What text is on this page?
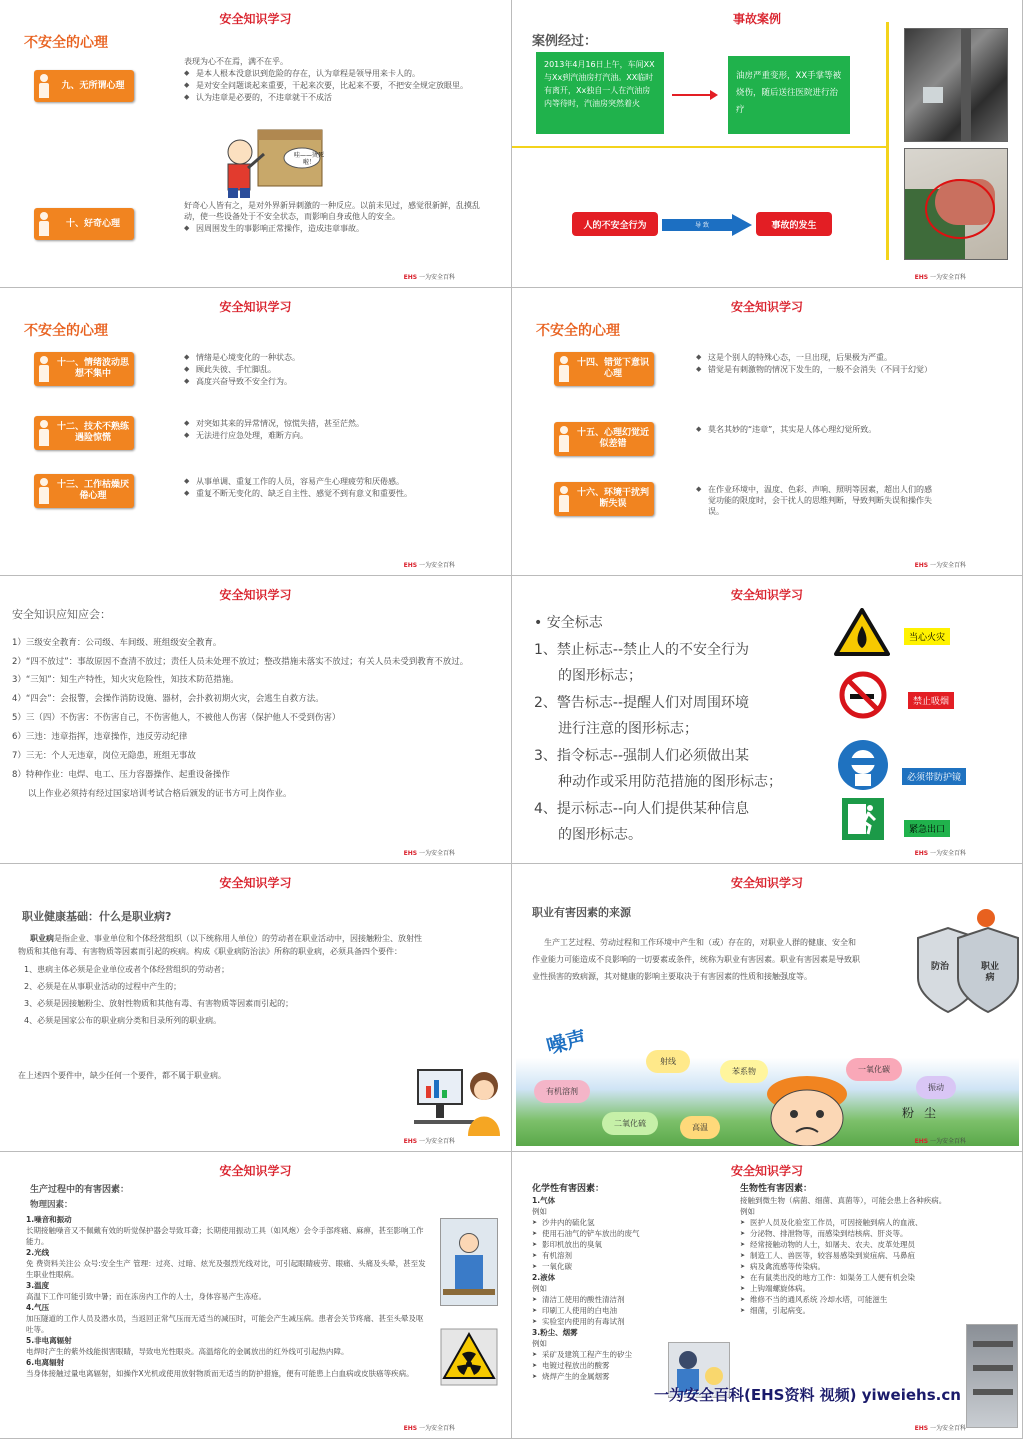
安全知识学习
不安全的心理
九、无所谓心理
十、好奇心理

表现为心不在焉，满不在乎。

◆ 是本人根本没意识到危险的存在，认为章程是领导用来卡人的。

◆ 是对安全问题谈起来重要，干起来次要，比起来不要，不把安全规定放眼里。

◆ 认为违章是必要的，不违章就干不成活

哇——烫死啦！

好奇心人皆有之，是对外界新异刺激的一种反应。以前未见过，感觉很新鲜，乱摸乱动，使一些设备处于不安全状态，而影响自身或他人的安全。

◆ 因周围发生的事影响正常操作，造成违章事故。

EHS 一为安全百科
事故案例
案例经过：
2013年4月16日上午，车间XX与Xx到汽油房打汽油。XX临时有离开，Xx独自一人在汽油房内等待时，汽油房突然着火
油房严重变形，XX手掌等被烧伤，随后送往医院进行治疗
人的不安全行为	导 致	事故的发生
EHS 一为安全百科
安全知识学习
不安全的心理
十一、情绪波动思想不集中
十二、技术不熟练遇险惊慌
十三、工作枯燥厌倦心理

◆ 情绪是心境变化的一种状态。

◆ 顾此失彼、手忙脚乱。

◆ 高度兴奋导致不安全行为。

◆ 对突如其来的异常情况，惊慌失措，甚至茫然。

◆ 无法进行应急处理，难断方向。

◆ 从事单调、重复工作的人员，容易产生心理疲劳和厌倦感。

◆ 重复不断无变化的、缺乏自主性、感觉不到有意义和重要性。

EHS 一为安全百科
安全知识学习
不安全的心理
十四、错觉下意识心理
十五、心理幻觉近似差错
十六、环境干扰判断失误

◆ 这是个别人的特殊心态，一旦出现，后果极为严重。

◆ 错觉是有刺激物的情况下发生的，一般不会消失（不同于幻觉）

◆ 莫名其妙的“违章”，其实是人体心理幻觉所致。

◆ 在作业环境中，温度、色彩、声响、照明等因素，超出人们的感觉功能的限度时，会干扰人的思维判断，导致判断失误和操作失误。

EHS 一为安全百科
安全知识学习
安全知识应知应会：

1）三级安全教育：公司级、车间级、班组级安全教育。

2）“四不放过”：事故原因不查清不放过；责任人员未处理不放过；整改措施未落实不放过；有关人员未受到教育不放过。

3）“三知”：知生产特性，知火灾危险性，知技术防范措施。

4）“四会”：会报警，会操作消防设施、器材，会扑救初期火灾，会逃生自救方法。

5）三（四）不伤害：不伤害自己，不伤害他人，不被他人伤害（保护他人不受到伤害）

6）三违：违章指挥，违章操作，违反劳动纪律

7）三无：个人无违章，岗位无隐患，班组无事故

8）特种作业：电焊、电工、压力容器操作、起重设备操作

以上作业必须持有经过国家培训考试合格后颁发的证书方可上岗作业。

EHS 一为安全百科
安全知识学习

• 安全标志

1、禁止标志--禁止人的不安全行为

的图形标志；

2、警告标志--提醒人们对周围环境

进行注意的图形标志；

3、指令标志--强制人们必须做出某

种动作或采用防范措施的图形标志；

4、提示标志--向人们提供某种信息

的图形标志。

当心火灾
禁止吸烟
必须带防护镜
紧急出口
EHS 一为安全百科
安全知识学习
职业健康基础：什么是职业病?

职业病是指企业、事业单位和个体经营组织（以下统称用人单位）的劳动者在职业活动中，因接触粉尘、放射性物质和其他有毒、有害物质等因素而引起的疾病。构成《职业病防治法》所称的职业病，必须具备四个要件：

1、患病主体必须是企业单位或者个体经营组织的劳动者；

2、必须是在从事职业活动的过程中产生的；

3、必须是因接触粉尘、放射性物质和其他有毒、有害物质等因素而引起的；

4、必须是国家公布的职业病分类和目录所列的职业病。

在上述四个要件中，缺少任何一个要件，都不属于职业病。
EHS 一为安全百科
安全知识学习
职业有害因素的来源
生产工艺过程、劳动过程和工作环境中产生和（或）存在的，对职业人群的健康、安全和作业能力可能造成不良影响的一切要素或条件，统称为职业有害因素。职业有害因素是导致职业性损害的致病源，其对健康的影响主要取决于有害因素的性质和接触强度等。
防治	职业病
噪声
有机溶剂
射线
苯系物
粉尘
一氧化碳
二氧化硫	高温
振动
EHS 一为安全百科
安全知识学习
生产过程中的有害因素：
物理因素：

1.噪音和振动

长期接触噪音又不佩戴有效的听觉保护器会导致耳聋；长期使用振动工具（如风炮）会令手部疼痛、麻痹，甚至影响工作能力。

2.光线

免 费资料关注公 众号:安全生产 管理：过亮、过暗、炫光及强烈光线对比，可引起眼睛疲劳、眼痛、头痛及头晕，甚至发生职业性眼病。

3.温度

高温下工作可能引致中暑；而在冻房内工作的人士，身体容易产生冻疮。

4.气压

加压隧道的工作人员及潜水员，当返回正常气压而无适当的减压时，可能会产生减压病。患者会关节疼痛、甚至头晕及呕吐等。

5.非电离辐射

电焊时产生的紫外线能损害眼睛，导致电光性眼炎。高温熔化的金属放出的红外线可引起热内障。

6.电离辐射

当身体接触过量电离辐射，如操作X光机或使用放射物质而无适当的防护措施，便有可能患上白血病或皮肤癌等疾病。

EHS 一为安全百科
安全知识学习

化学性有害因素：

1.气体

例如

➤ 沙井内的硫化氢

➤ 使用石油气的铲车放出的废气

➤ 影印机放出的臭氧

➤ 有机溶剂

➤ 一氧化碳

2.液体

例如

➤ 清洁工使用的酸性清洁剂

➤ 印刷工人使用的白电油

➤ 实验室内使用的有毒试剂

3.粉尘、烟雾

例如

➤ 采矿及建筑工程产生的矽尘

➤ 电镀过程放出的酸雾

➤ 烧焊产生的金属烟雾

生物性有害因素：

接触到微生物（病菌、细菌、真菌等），可能会患上各种疾病。

例如

➤ 医护人员及化验室工作员，可因接触到病人的血液、

➤ 分泌物、排泄物等，而感染到结核病、肝炎等。

➤ 经常接触动物的人士，如屠夫、农夫、皮革处理员

➤ 制造工人、兽医等，较容易感染到炭疽病、马鼻疽

➤ 病及禽流感等传染病。

➤ 在有鼠类出没的地方工作：如渠务工人便有机会染

➤ 上钩端螺旋体病。

➤ 维修不当的通风系统 冷却水塔，可能滋生

➤ 细菌，引起病变。

一为安全百科(EHS资料 视频) yiweiehs.cn
EHS 一为安全百科
